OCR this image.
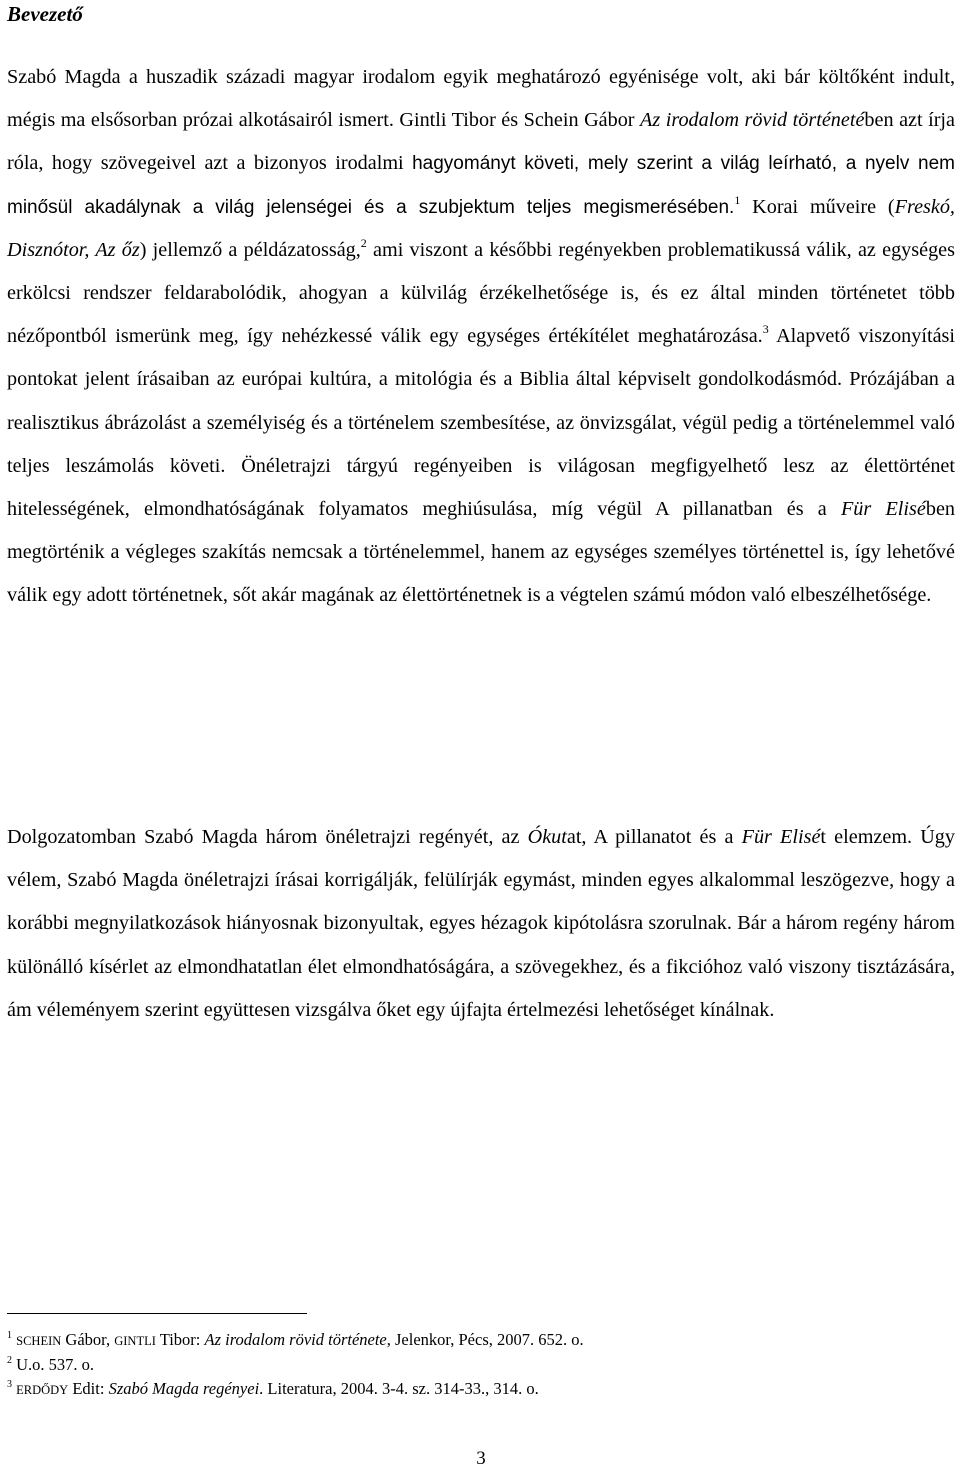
Bevezető

Szabó Magda a huszadik századi magyar irodalom egyik meghatározó egyénisége volt, aki bár költőként indult, mégis ma elsősorban prózai alkotásairól ismert. Gintli Tibor és Schein Gábor Az irodalom rövid történetében azt írja róla, hogy szövegeivel azt a bizonyos irodalmi hagyományt követi, mely szerint a világ leírható, a nyelv nem minősül akadálynak a világ jelenségei és a szubjektum teljes megismerésében.$^1$ Korai műveire (Freskó, Disznótor, Az őz) jellemző a példázatosság,$^2$ ami viszont a későbbi regényekben problematikussá válik, az egységes erkölcsi rendszer feldarabolódik, ahogyan a külvilág érzékelhetősége is, és ez által minden történetet több nézőpontból ismerünk meg, így nehézkessé válik egy egységes értékítélet meghatározása.$^3$ Alapvető viszonyítási pontokat jelent írásaiban az európai kultúra, a mitológia és a Biblia által képviselt gondolkodásmód. Prózájában a realisztikus ábrázolást a személyiség és a történelem szembesítése, az önvizsgálat, végül pedig a történelemmel való teljes leszámolás követi. Önéletrajzi tárgyú regényeiben is világosan megfigyelhető lesz az élettörténet hitelességének, elmondhatóságának folyamatos meghiúsulása, míg végül A pillanatban és a Für Elisében megtörténik a végleges szakítás nemcsak a történelemmel, hanem az egységes személyes történettel is, így lehetővé válik egy adott történetnek, sőt akár magának az élettörténetnek is a végtelen számú módon való elbeszélhetősége.

Dolgozatomban Szabó Magda három önéletrajzi regényét, az Ókutat, A pillanatot és a Für Elisét elemzem. Úgy vélem, Szabó Magda önéletrajzi írásai korrigálják, felülírják egymást, minden egyes alkalommal leszögezve, hogy a korábbi megnyilatkozások hiányosnak bizonyultak, egyes hézagok kipótolásra szorulnak. Bár a három regény három különálló kísérlet az elmondhatatlan élet elmondhatóságára, a szövegekhez, és a fikcióhoz való viszony tisztázására, ám véleményem szerint együttesen vizsgálva őket egy újfajta értelmezési lehetőséget kínálnak.

$^1$ SCHEIN Gábor, GINTLI Tibor: Az irodalom rövid története, Jelenkor, Pécs, 2007. 652. o.
$^2$ U.o. 537. o.
$^3$ ERDŐDY Edit: Szabó Magda regényei. Literatura, 2004. 3-4. sz. 314-33., 314. o.
3
